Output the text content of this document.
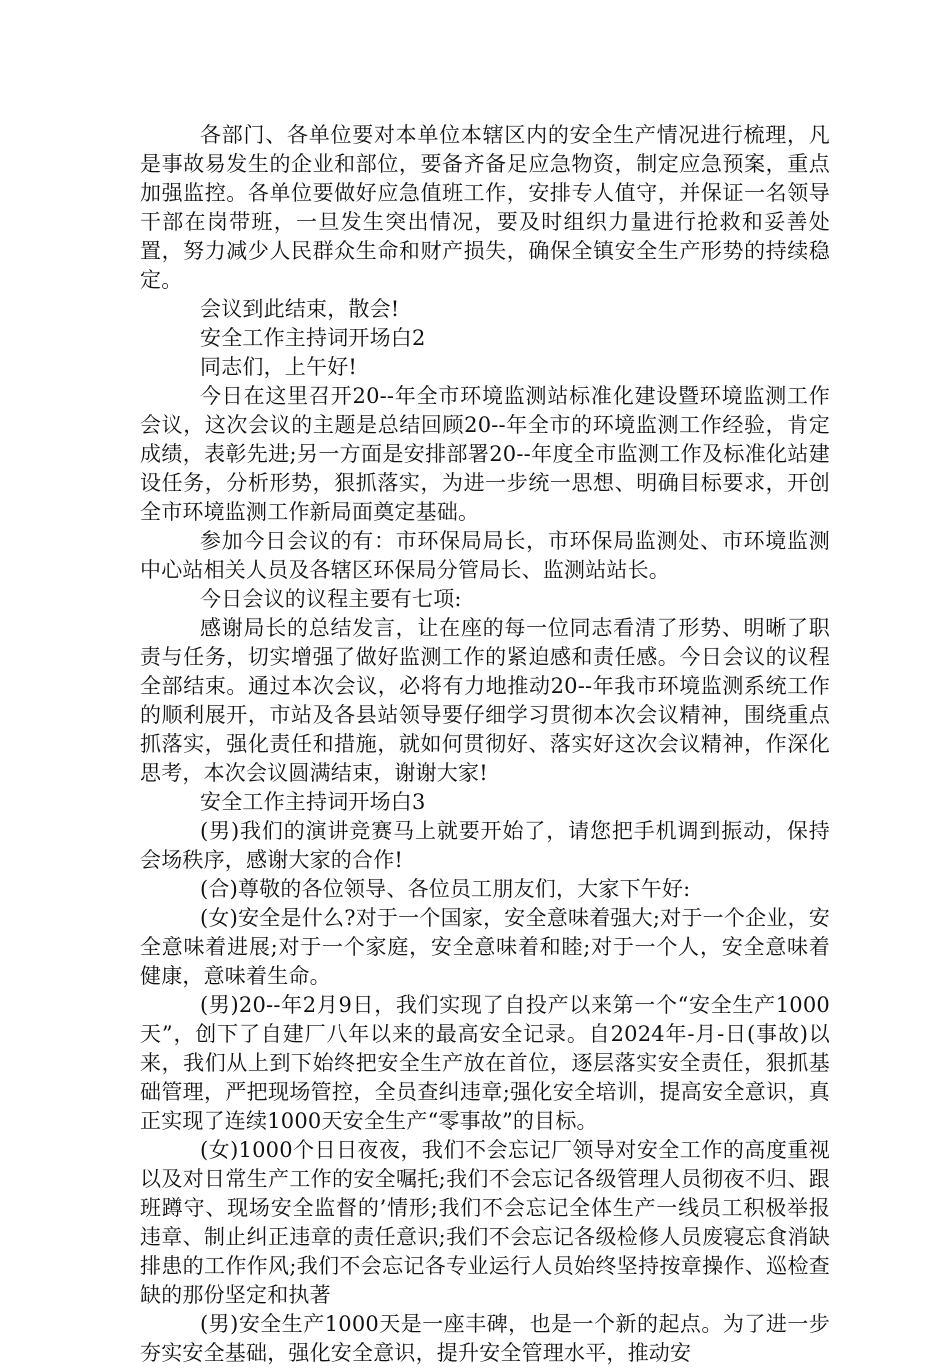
各部门、各单位要对本单位本辖区内的安全生产情况进行梳理，凡是事故易发生的企业和部位，要备齐备足应急物资，制定应急预案，重点加强监控。各单位要做好应急值班工作，安排专人值守，并保证一名领导干部在岗带班，一旦发生突出情况，要及时组织力量进行抢救和妥善处置，努力减少人民群众生命和财产损失，确保全镇安全生产形势的持续稳定。

会议到此结束，散会!

安全工作主持词开场白2

同志们，上午好!

今日在这里召开20--年全市环境监测站标准化建设暨环境监测工作会议，这次会议的主题是总结回顾20--年全市的环境监测工作经验，肯定成绩，表彰先进;另一方面是安排部署20--年度全市监测工作及标准化站建设任务，分析形势，狠抓落实，为进一步统一思想、明确目标要求，开创全市环境监测工作新局面奠定基础。

参加今日会议的有：市环保局局长，市环保局监测处、市环境监测中心站相关人员及各辖区环保局分管局长、监测站站长。

今日会议的议程主要有七项:

感谢局长的总结发言，让在座的每一位同志看清了形势、明晰了职责与任务，切实增强了做好监测工作的紧迫感和责任感。今日会议的议程全部结束。通过本次会议，必将有力地推动20--年我市环境监测系统工作的顺利展开，市站及各县站领导要仔细学习贯彻本次会议精神，围绕重点抓落实，强化责任和措施，就如何贯彻好、落实好这次会议精神，作深化思考，本次会议圆满结束，谢谢大家!

安全工作主持词开场白3

(男)我们的演讲竞赛马上就要开始了，请您把手机调到振动，保持会场秩序，感谢大家的合作!

(合)尊敬的各位领导、各位员工朋友们，大家下午好:

(女)安全是什么?对于一个国家，安全意味着强大;对于一个企业，安全意味着进展;对于一个家庭，安全意味着和睦;对于一个人，安全意味着健康，意味着生命。

(男)20--年2月9日，我们实现了自投产以来第一个“安全生产1000天”，创下了自建厂八年以来的最高安全记录。自2024年-月-日(事故)以来，我们从上到下始终把安全生产放在首位，逐层落实安全责任，狠抓基础管理，严把现场管控，全员查纠违章;强化安全培训，提高安全意识，真正实现了连续1000天安全生产“零事故”的目标。

(女)1000个日日夜夜，我们不会忘记厂领导对安全工作的高度重视以及对日常生产工作的安全嘱托;我们不会忘记各级管理人员彻夜不归、跟班蹲守、现场安全监督的’情形;我们不会忘记全体生产一线员工积极举报违章、制止纠正违章的责任意识;我们不会忘记各级检修人员废寝忘食消缺排患的工作作风;我们不会忘记各专业运行人员始终坚持按章操作、巡检查缺的那份坚定和执著

(男)安全生产1000天是一座丰碑，也是一个新的起点。为了进一步夯实安全基础，强化安全意识，提升安全管理水平，推动安
